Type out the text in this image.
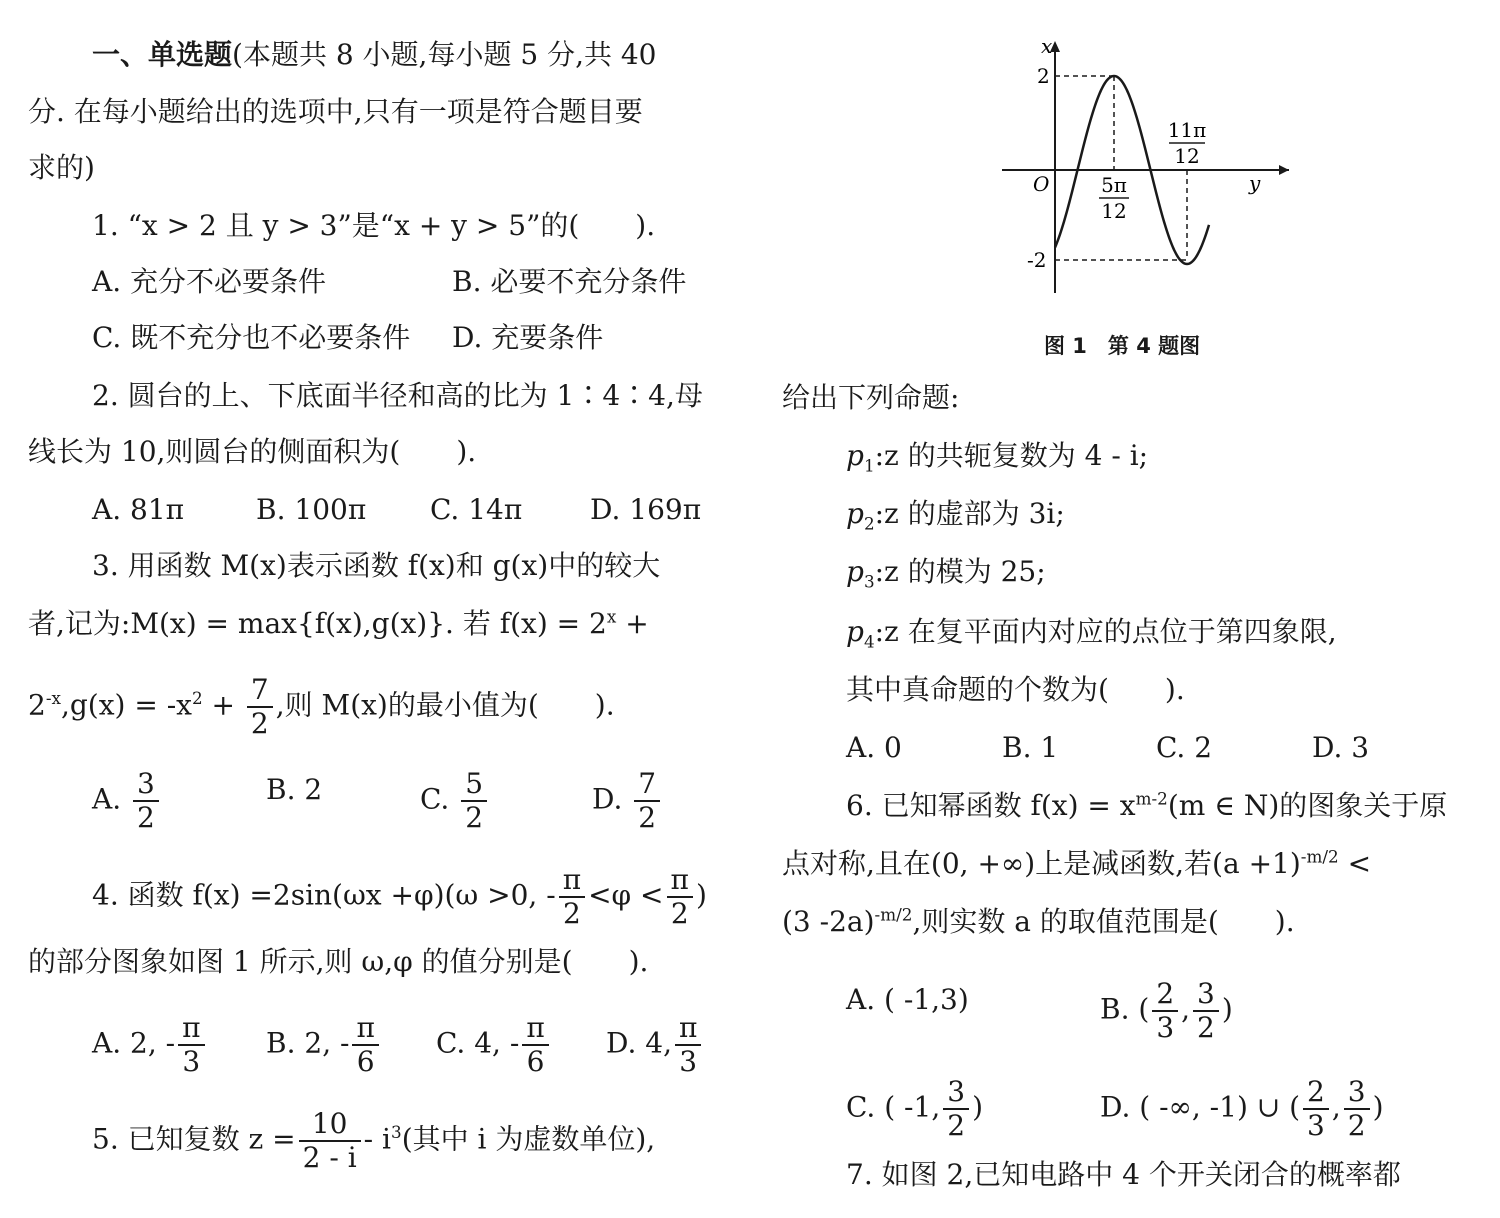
一、单选题(本题共 8 小题,每小题 5 分,共 40
分. 在每小题给出的选项中,只有一项是符合题目要
求的)
1. “x > 2 且 y > 3”是“x + y > 5”的(　　).
A. 充分不必要条件	B. 必要不充分条件
C. 既不充分也不必要条件 D. 充要条件
2. 圆台的上、下底面半径和高的比为 1∶4∶4,母
线长为 10,则圆台的侧面积为(　　).
A. 81π	B. 100π C. 14π D. 169π
3. 用函数 M(x)表示函数 f(x)和 g(x)中的较大
者,记为:M(x) = max{f(x),g(x)}. 若 $f(x) = 2^x$ +
$2^{-x},g(x) = -x^2 + \frac{7}{2}$ ,则 M(x)的最小值为(　　).
A. $\frac{3}{2}$	B. 2	C. $\frac{5}{2}$	D. $\frac{7}{2}$
4. 函数 f(x) =2sin(ωx +φ)(ω >0, - $\frac{\pi}{2} <\varphi < \frac{\pi}{2}$ )
的部分图象如图 1 所示,则 ω,φ 的值分别是(　　).
A. 2, - $\frac{\pi}{3} B$. 2, - $\frac{\pi}{6} C$. 4, - $\frac{\pi}{6} D$. 4, $\frac{\pi}{3}$
5. 已知复数 $z = \frac{10}{2 - i} - i^3$(其中 i 为虚数单位),
x
y
O
2
-2
5π
12
11π
12
图 1　第 4 题图
给出下列命题:
$p_1:z$ 的共轭复数为 4 - i;
$p_2:z$ 的虚部为 3i;
$p_3:z$ 的模为 25;
$p_4:z$ 在复平面内对应的点位于第四象限,
其中真命题的个数为(　　).
A. 0	B. 1	C. 2	D. 3
6. 已知幂函数 $f(x) = x^{m-2}(m$ ∈ N)的图象关于原
点对称,且在(0, +∞)上是减函数,若$(a +1)^{-m/2}$ <
(3 -2a)$^{-m/2}$,则实数 a 的取值范围是(　　).
A. ( -1,3)	B. ( $\frac{2}{3}$ , $\frac{3}{2}$ )
C. ( -1, $\frac{3}{2}$ )	D. ( -∞, -1) ∪ ( $\frac{2}{3}$ , $\frac{3}{2}$ )
7. 如图 2,已知电路中 4 个开关闭合的概率都
